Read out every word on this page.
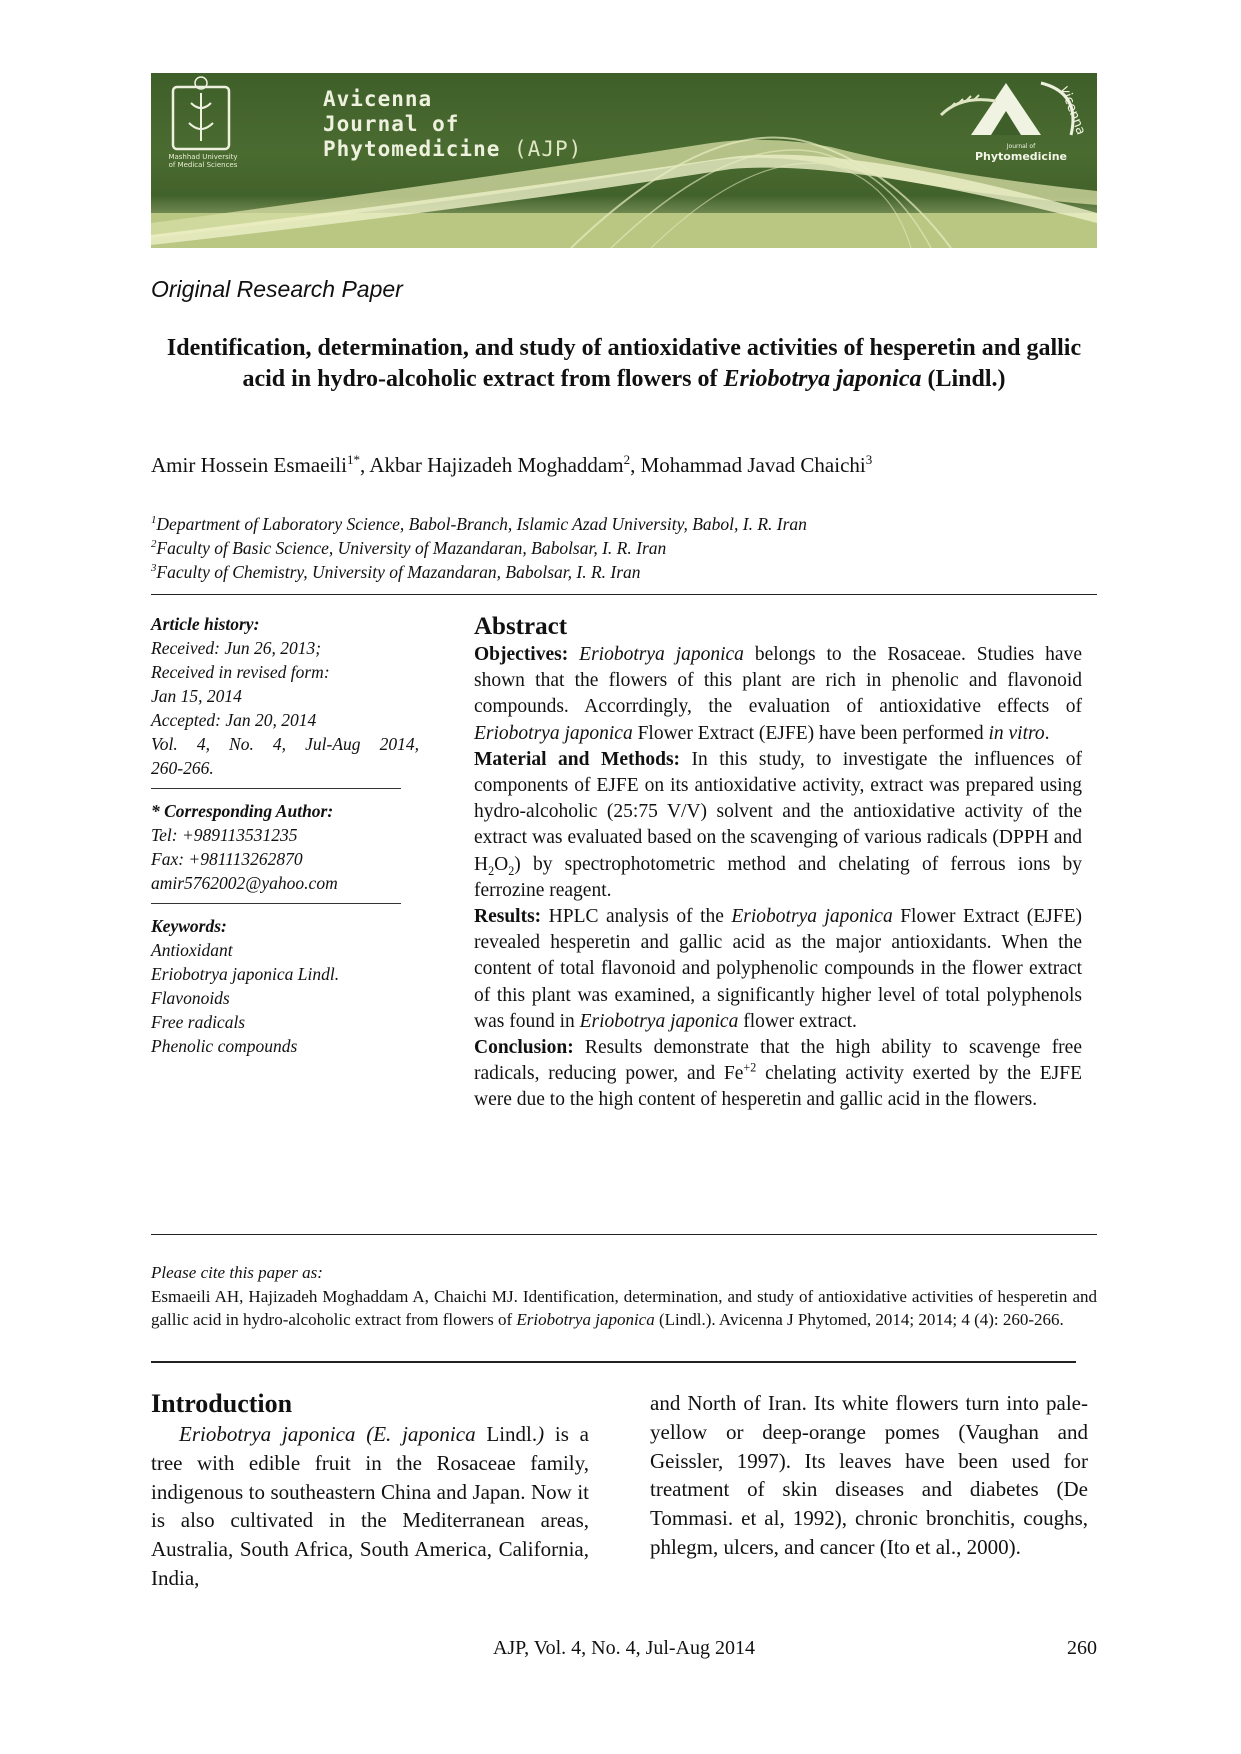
Avicenna
Journal of
Phytomedicine (AJP)
Mashhad University
of Medical Sciences
Journal of
Phytomedicine
vicenna
Original Research Paper
Identification, determination, and study of antioxidative activities of hesperetin and gallic acid in hydro-alcoholic extract from flowers of Eriobotrya japonica (Lindl.)
Amir Hossein Esmaeili$^{1*}$, Akbar Hajizadeh Moghaddam$^2$, Mohammad Javad Chaichi$^3$
$^1$Department of Laboratory Science, Babol-Branch, Islamic Azad University, Babol, I. R. Iran
$^2$Faculty of Basic Science, University of Mazandaran, Babolsar, I. R. Iran
$^3$Faculty of Chemistry, University of Mazandaran, Babolsar, I. R. Iran
Article history:
Received: Jun 26, 2013;
Received in revised form:
Jan 15, 2014
Accepted: Jan 20, 2014
Vol. 4, No. 4, Jul-Aug 2014,
260-266.
* Corresponding Author:
Tel: +989113531235
Fax: +981113262870
amir5762002@yahoo.com
Keywords:
Antioxidant
Eriobotrya japonica Lindl.
Flavonoids
Free radicals
Phenolic compounds
Abstract

Objectives: Eriobotrya japonica belongs to the Rosaceae. Studies have shown that the flowers of this plant are rich in phenolic and flavonoid compounds. Accorrdingly, the evaluation of antioxidative effects of Eriobotrya japonica Flower Extract (EJFE) have been performed in vitro.

Material and Methods: In this study, to investigate the influences of components of EJFE on its antioxidative activity, extract was prepared using hydro-alcoholic (25:75 V/V) solvent and the antioxidative activity of the extract was evaluated based on the scavenging of various radicals (DPPH and $H_2O_2$) by spectrophotometric method and chelating of ferrous ions by ferrozine reagent.

Results: HPLC analysis of the Eriobotrya japonica Flower Extract (EJFE) revealed hesperetin and gallic acid as the major antioxidants. When the content of total flavonoid and polyphenolic compounds in the flower extract of this plant was examined, a significantly higher level of total polyphenols was found in Eriobotrya japonica flower extract.

Conclusion: Results demonstrate that the high ability to scavenge free radicals, reducing power, and $Fe^{+2}$ chelating activity exerted by the EJFE were due to the high content of hesperetin and gallic acid in the flowers.

Please cite this paper as:
Esmaeili AH, Hajizadeh Moghaddam A, Chaichi MJ. Identification, determination, and study of antioxidative activities of hesperetin and gallic acid in hydro-alcoholic extract from flowers of Eriobotrya japonica (Lindl.). Avicenna J Phytomed, 2014; 2014; 4 (4): 260-266.
Introduction

Eriobotrya japonica (E. japonica Lindl.) is a tree with edible fruit in the Rosaceae family, indigenous to southeastern China and Japan. Now it is also cultivated in the Mediterranean areas, Australia, South Africa, South America, California, India,

and North of Iran. Its white flowers turn into pale-yellow or deep-orange pomes (Vaughan and Geissler, 1997). Its leaves have been used for treatment of skin diseases and diabetes (De Tommasi. et al, 1992), chronic bronchitis, coughs, phlegm, ulcers, and cancer (Ito et al., 2000).

AJP, Vol. 4, No. 4, Jul-Aug 2014	260
